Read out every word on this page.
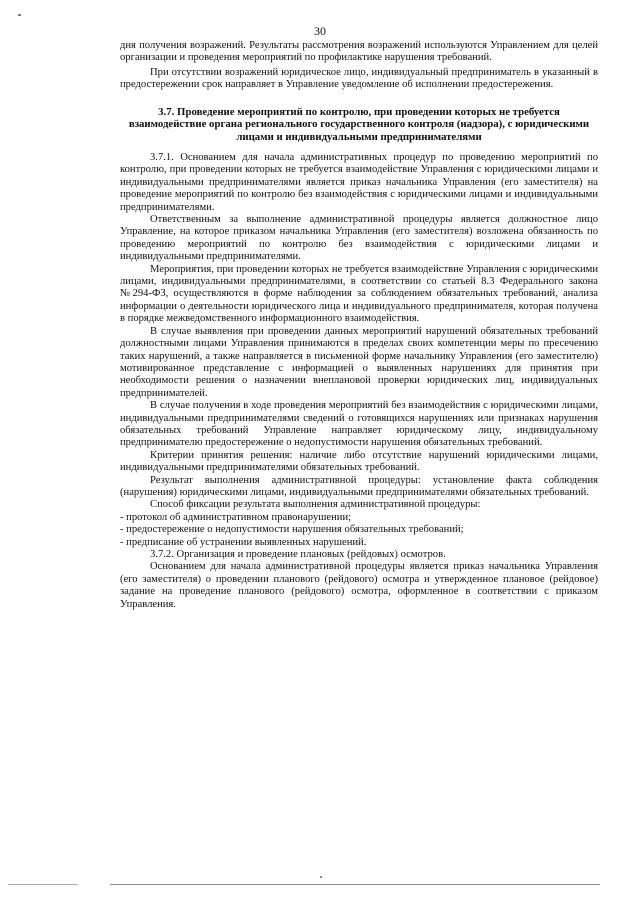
30

дня получения возражений. Результаты рассмотрения возражений используются Управлением для целей организации и проведения мероприятий по профилактике нарушения требований.

При отсутствии возражений юридическое лицо, индивидуальный предприниматель в указанный в предостережении срок направляет в Управление уведомление об исполнении предостережения.

3.7. Проведение мероприятий по контролю, при проведении которых не требуется взаимодействие органа регионального государственного контроля (надзора), с юридическими лицами и индивидуальными предпринимателями

3.7.1. Основанием для начала административных процедур по проведению мероприятий по контролю, при проведении которых не требуется взаимодействие Управления с юридическими лицами и индивидуальными предпринимателями является приказ начальника Управления (его заместителя) на проведение мероприятий по контролю без взаимодействия с юридическими лицами и индивидуальными предпринимателями.

Ответственным за выполнение административной процедуры является должностное лицо Управление, на которое приказом начальника Управления (его заместителя) возложена обязанность по проведению мероприятий по контролю без взаимодействия с юридическими лицами и индивидуальными предпринимателями.

Мероприятия, при проведении которых не требуется взаимодействие Управления с юридическими лицами, индивидуальными предпринимателями, в соответствии со статьей 8.3 Федерального закона №294-ФЗ, осуществляются в форме наблюдения за соблюдением обязательных требований, анализа информации о деятельности юридического лица и индивидуального предпринимателя, которая получена в порядке межведомственного информационного взаимодействия.

В случае выявления при проведении данных мероприятий нарушений обязательных требований должностными лицами Управления принимаются в пределах своих компетенции меры по пресечению таких нарушений, а также направляется в письменной форме начальнику Управления (его заместителю) мотивированное представление с информацией о выявленных нарушениях для принятия при необходимости решения о назначении внеплановой проверки юридических лиц, индивидуальных предпринимателей.

В случае получения в ходе проведения мероприятий без взаимодействия с юридическими лицами, индивидуальными предпринимателями сведений о готовящихся нарушениях или признаках нарушения обязательных требований Управление направляет юридическому лицу, индивидуальному предпринимателю предостережение о недопустимости нарушения обязательных требований.

Критерии принятия решения: наличие либо отсутствие нарушений юридическими лицами, индивидуальными предпринимателями обязательных требований.

Результат выполнения административной процедуры: установление факта соблюдения (нарушения) юридическими лицами, индивидуальными предпринимателями обязательных требований.

Способ фиксации результата выполнения административной процедуры:

- протокол об административном правонарушении;
- предостережение о недопустимости нарушения обязательных требований;
- предписание об устранении выявленных нарушений.

3.7.2. Организация и проведение плановых (рейдовых) осмотров.

Основанием для начала административной процедуры является приказ начальника Управления (его заместителя) о проведении планового (рейдового) осмотра и утвержденное плановое (рейдовое) задание на проведение планового (рейдового) осмотра, оформленное в соответствии с приказом Управления.
